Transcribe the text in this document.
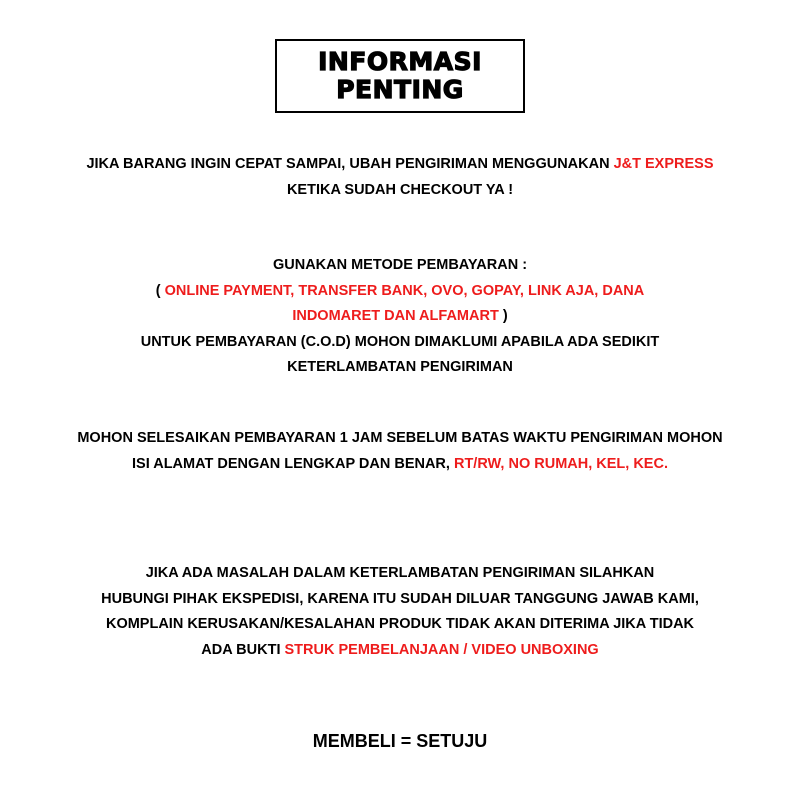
INFORMASI
PENTING
JIKA BARANG INGIN CEPAT SAMPAI, UBAH PENGIRIMAN MENGGUNAKAN J&T EXPRESS
KETIKA SUDAH CHECKOUT YA !
GUNAKAN METODE PEMBAYARAN :
( ONLINE PAYMENT, TRANSFER BANK, OVO, GOPAY, LINK AJA, DANA
INDOMARET DAN ALFAMART )
UNTUK PEMBAYARAN (C.O.D) MOHON DIMAKLUMI APABILA ADA SEDIKIT
KETERLAMBATAN PENGIRIMAN
MOHON SELESAIKAN PEMBAYARAN 1 JAM SEBELUM BATAS WAKTU PENGIRIMAN MOHON
ISI ALAMAT DENGAN LENGKAP DAN BENAR, RT/RW, NO RUMAH, KEL, KEC.
JIKA ADA MASALAH DALAM KETERLAMBATAN PENGIRIMAN SILAHKAN
HUBUNGI PIHAK EKSPEDISI, KARENA ITU SUDAH DILUAR TANGGUNG JAWAB KAMI,
KOMPLAIN KERUSAKAN/KESALAHAN PRODUK TIDAK AKAN DITERIMA JIKA TIDAK
ADA BUKTI STRUK PEMBELANJAAN / VIDEO UNBOXING
MEMBELI = SETUJU
